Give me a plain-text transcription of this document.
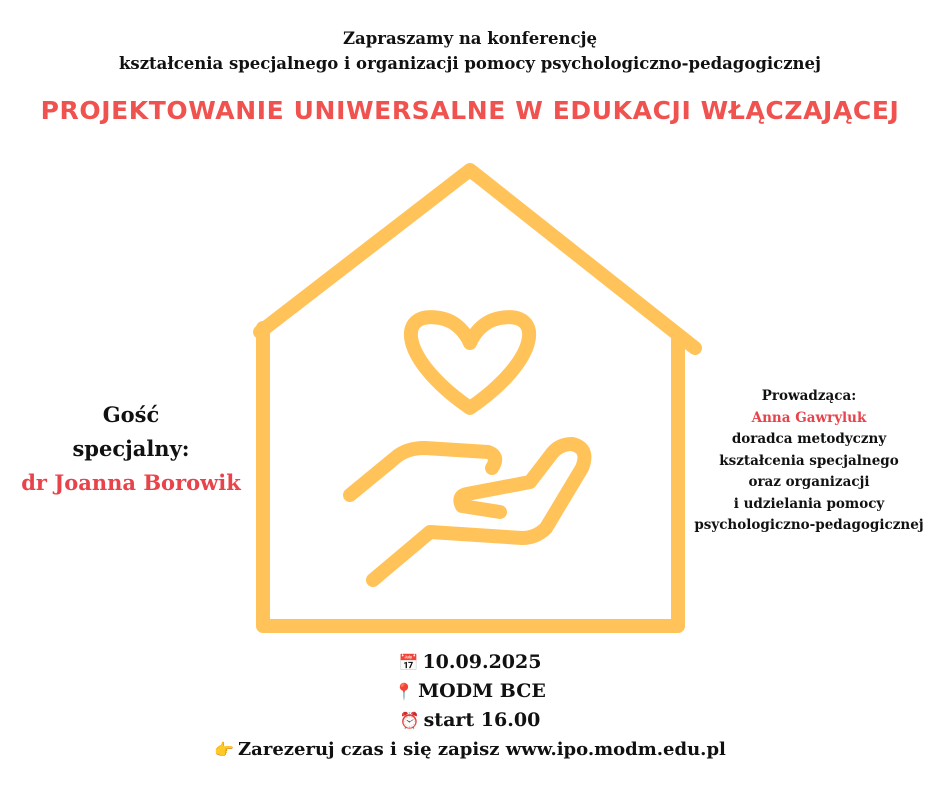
Zapraszamy na konferencję
kształcenia specjalnego i organizacji pomocy psychologiczno-pedagogicznej
PROJEKTOWANIE UNIWERSALNE W EDUKACJI WŁĄCZAJĄCEJ
Gość
specjalny:
dr Joanna Borowik
Prowadząca:
Anna Gawryluk
doradca metodyczny
kształcenia specjalnego
oraz organizacji
i udzielania pomocy
psychologiczno-pedagogicznej
📅 10.09.2025
📍 MODM BCE
⏰ start 16.00
👉 Zarezeruj czas i się zapisz www.ipo.modm.edu.pl
